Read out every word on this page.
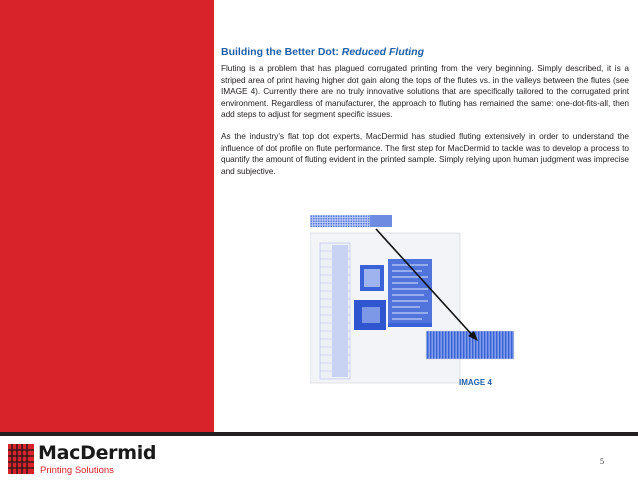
Building the Better Dot: Reduced Fluting

Fluting is a problem that has plagued corrugated printing from the very beginning. Simply described, it is a striped area of print having higher dot gain along the tops of the flutes vs. in the valleys between the flutes (see IMAGE 4). Currently there are no truly innovative solutions that are specifically tailored to the corrugated print environment. Regardless of manufacturer, the approach to fluting has remained the same: one-dot-fits-all, then add steps to adjust for segment specific issues.

As the industry’s flat top dot experts, MacDermid has studied fluting extensively in order to understand the influence of dot profile on flute performance. The first step for MacDermid to tackle was to develop a process to quantify the amount of fluting evident in the printed sample. Simply relying upon human judgment was imprecise and subjective.

IMAGE 4
MacDermid
Printing Solutions
5
